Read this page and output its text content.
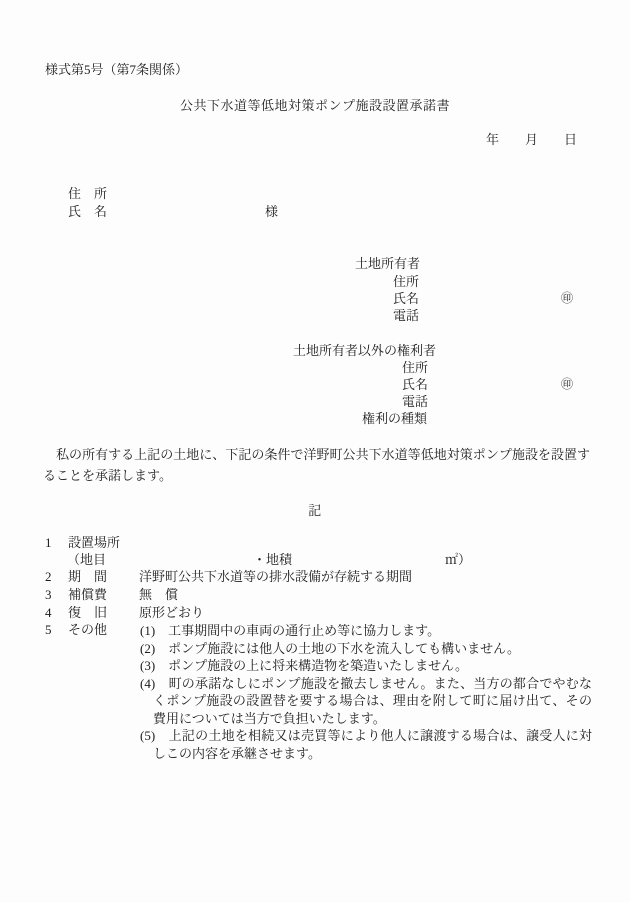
様式第5号（第7条関係）
公共下水道等低地対策ポンプ施設設置承諾書
年　　月　　日
住　所
氏　名	様
土地所有者
住所
氏名	㊞
電話
土地所有者以外の権利者
住所
氏名	㊞
電話
権利の種類
　私の所有する上記の土地に、下記の条件で洋野町公共下水道等低地対策ポンプ施設を設置することを承諾します。
記
1 設置場所
（地目	・地積	㎡）
2 期　間 洋野町公共下水道等の排水設備が存続する期間
3 補償費 無　償
4 復　旧 原形どおり
5 その他	(1)　工事期間中の車両の通行止め等に協力します。
(2)　ポンプ施設には他人の土地の下水を流入しても構いません。
(3)　ポンプ施設の上に将来構造物を築造いたしません。
(4)　町の承諾なしにポンプ施設を撤去しません。また、当方の都合でやむなくポンプ施設の設置替を要する場合は、理由を附して町に届け出て、その費用については当方で負担いたします。
(5)　上記の土地を相続又は売買等により他人に譲渡する場合は、譲受人に対しこの内容を承継させます。
